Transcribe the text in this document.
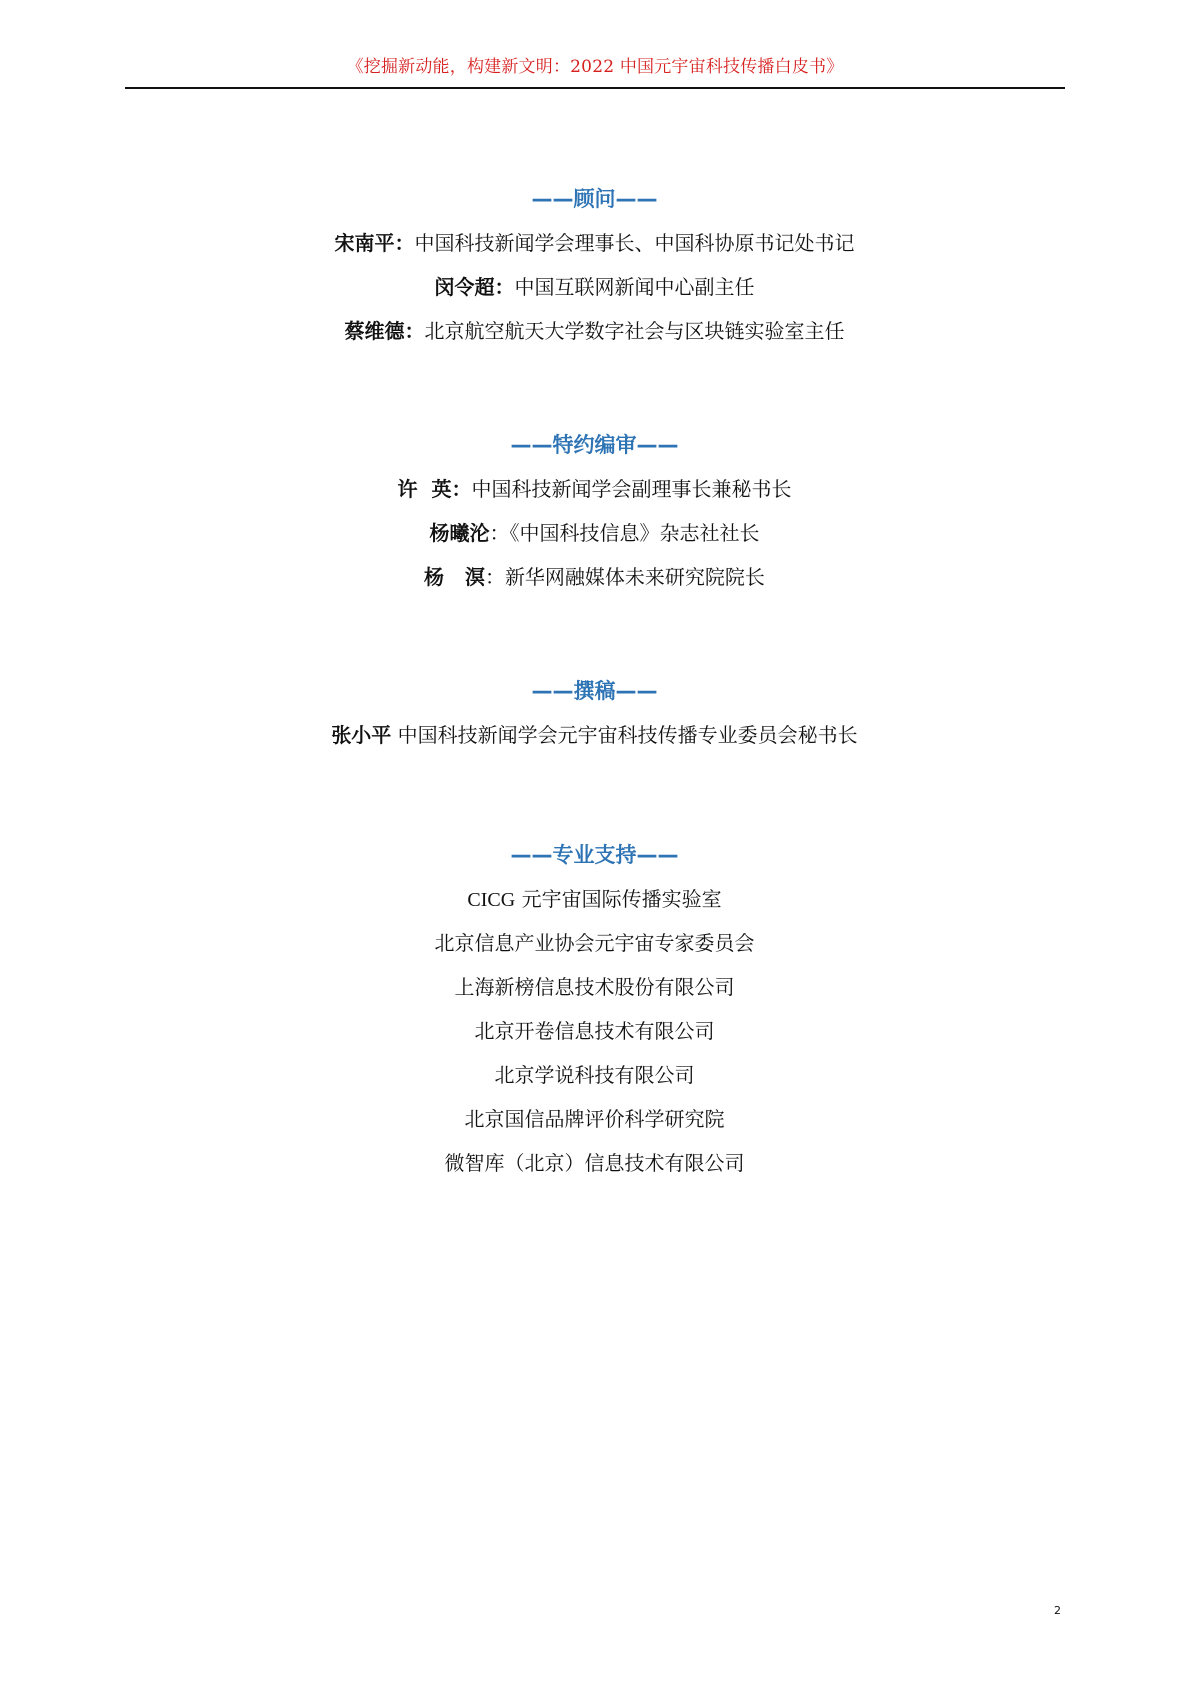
《挖掘新动能，构建新文明：2022 中国元宇宙科技传播白皮书》
——顾问——
宋南平：中国科技新闻学会理事长、中国科协原书记处书记
闵令超：中国互联网新闻中心副主任
蔡维德：北京航空航天大学数字社会与区块链实验室主任
——特约编审——
许  英：中国科技新闻学会副理事长兼秘书长
杨曦沦：《中国科技信息》杂志社社长
杨   溟：新华网融媒体未来研究院院长
——撰稿——
张小平 中国科技新闻学会元宇宙科技传播专业委员会秘书长
——专业支持——
CICG 元宇宙国际传播实验室
北京信息产业协会元宇宙专家委员会
上海新榜信息技术股份有限公司
北京开卷信息技术有限公司
北京学说科技有限公司
北京国信品牌评价科学研究院
微智库（北京）信息技术有限公司
2
